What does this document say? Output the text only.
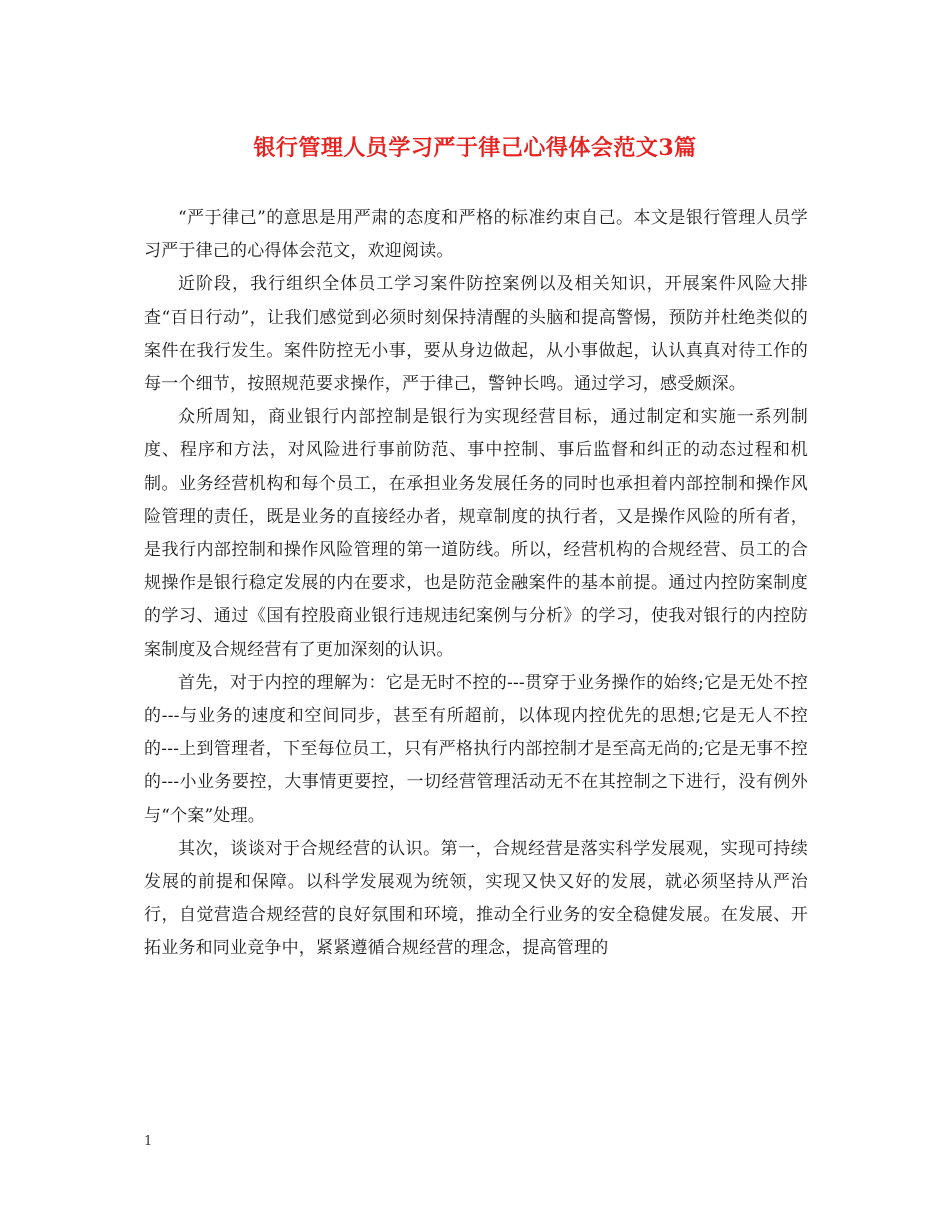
银行管理人员学习严于律己心得体会范文3篇

“严于律己”的意思是用严肃的态度和严格的标准约束自己。本文是银行管理人员学习严于律己的心得体会范文，欢迎阅读。

近阶段，我行组织全体员工学习案件防控案例以及相关知识，开展案件风险大排查“百日行动”，让我们感觉到必须时刻保持清醒的头脑和提高警惕，预防并杜绝类似的案件在我行发生。案件防控无小事，要从身边做起，从小事做起，认认真真对待工作的每一个细节，按照规范要求操作，严于律己，警钟长鸣。通过学习，感受颇深。

众所周知，商业银行内部控制是银行为实现经营目标，通过制定和实施一系列制度、程序和方法，对风险进行事前防范、事中控制、事后监督和纠正的动态过程和机制。业务经营机构和每个员工，在承担业务发展任务的同时也承担着内部控制和操作风险管理的责任，既是业务的直接经办者，规章制度的执行者，又是操作风险的所有者，是我行内部控制和操作风险管理的第一道防线。所以，经营机构的合规经营、员工的合规操作是银行稳定发展的内在要求，也是防范金融案件的基本前提。通过内控防案制度的学习、通过《国有控股商业银行违规违纪案例与分析》的学习，使我对银行的内控防案制度及合规经营有了更加深刻的认识。

首先，对于内控的理解为：它是无时不控的---贯穿于业务操作的始终;它是无处不控的---与业务的速度和空间同步，甚至有所超前，以体现内控优先的思想;它是无人不控的---上到管理者，下至每位员工，只有严格执行内部控制才是至高无尚的;它是无事不控的---小业务要控，大事情更要控，一切经营管理活动无不在其控制之下进行，没有例外与“个案”处理。

其次，谈谈对于合规经营的认识。第一，合规经营是落实科学发展观，实现可持续发展的前提和保障。以科学发展观为统领，实现又快又好的发展，就必须坚持从严治行，自觉营造合规经营的良好氛围和环境，推动全行业务的安全稳健发展。在发展、开拓业务和同业竞争中，紧紧遵循合规经营的理念，提高管理的

1
